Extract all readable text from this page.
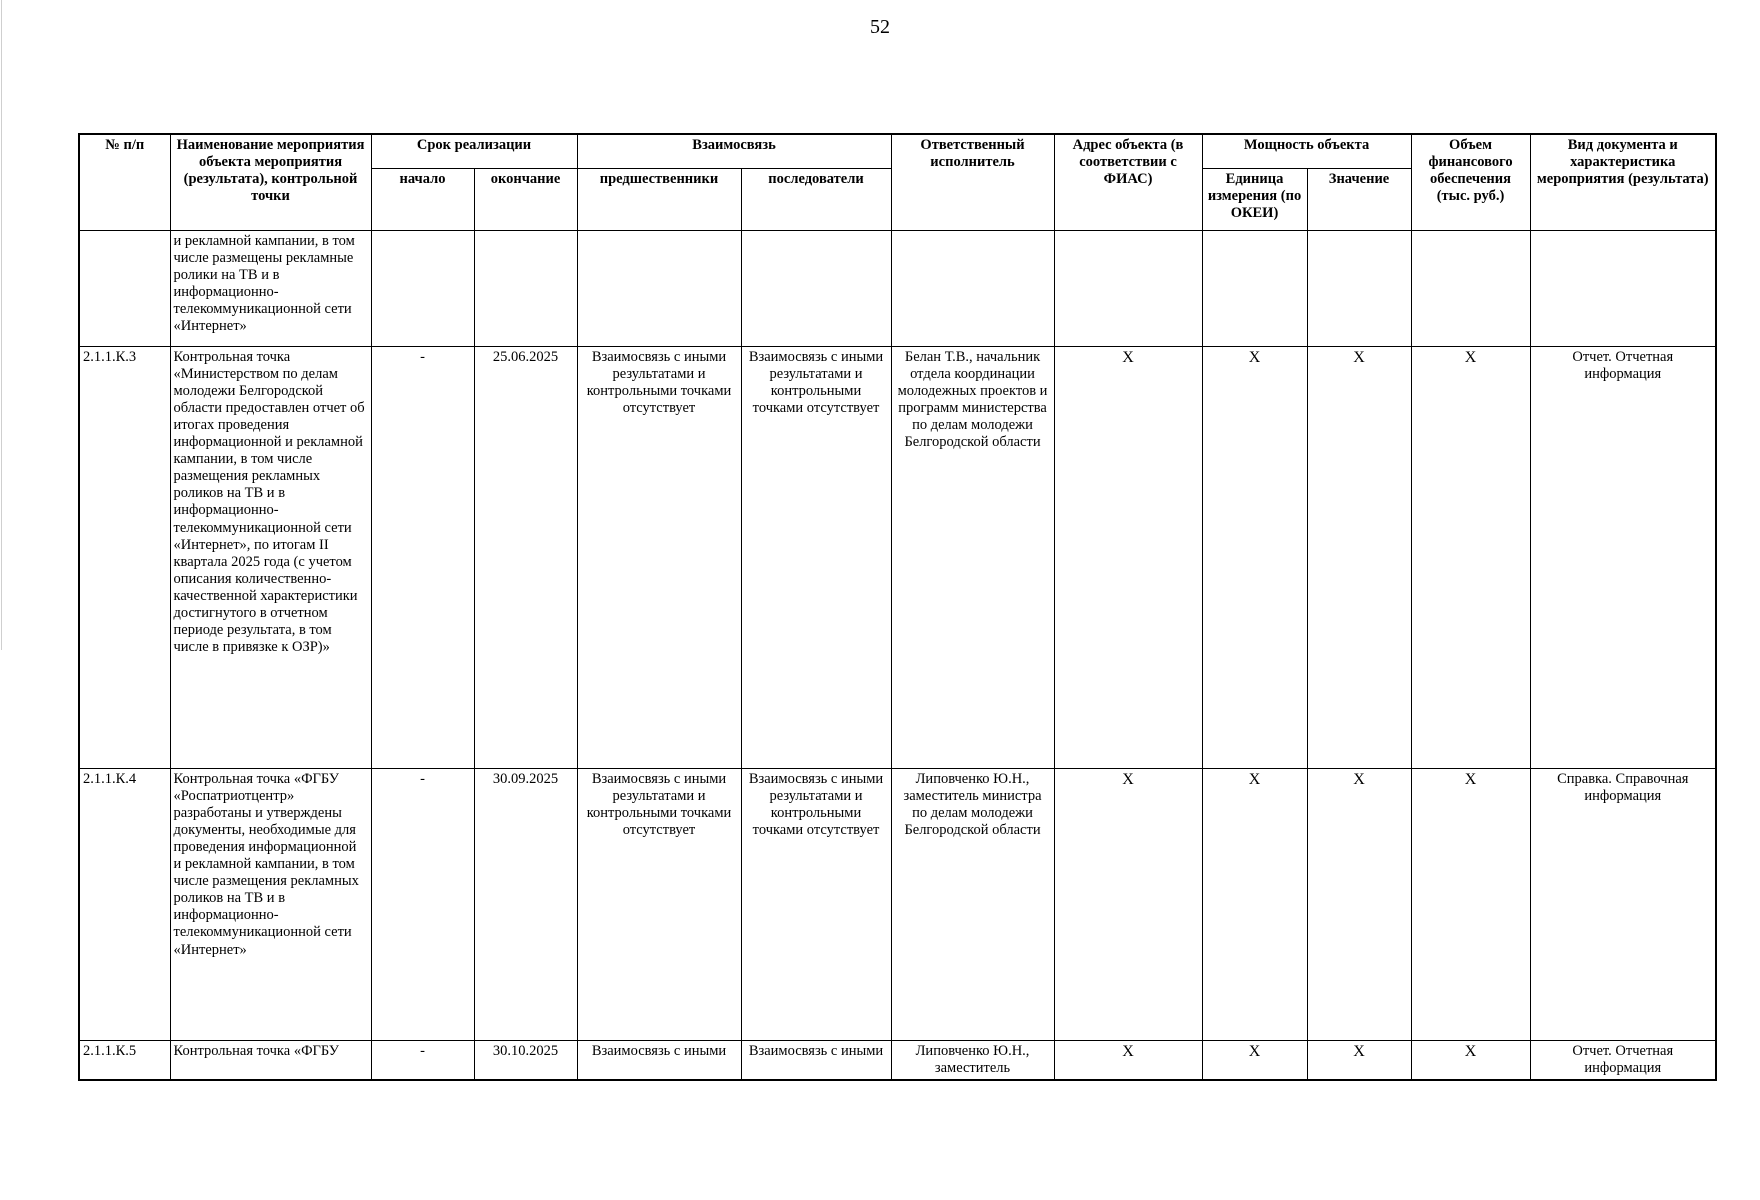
52
№ п/п	Наименование мероприятия объекта мероприятия (результата), контрольной точки	Срок реализации		Взаимосвязь		Ответственный исполнитель	Адрес объекта (в соответствии с ФИАС)	Мощность объекта		Объем финансового обеспечения (тыс. руб.)	Вид документа и характеристика мероприятия (результата)
		начало	окончание	предшественники	последователи			Единица измерения (по ОКЕИ)	Значение		
	и рекламной кампании, в том числе размещены рекламные ролики на ТВ и в информационно-телекоммуникационной сети «Интернет»										
2.1.1.К.3	Контрольная точка «Министерством по делам молодежи Белгородской области предоставлен отчет об итогах проведения информационной и рекламной кампании, в том числе размещения рекламных роликов на ТВ и в информационно-телекоммуникационной сети «Интернет», по итогам II квартала 2025 года (с учетом описания количественно-качественной характеристики достигнутого в отчетном периоде результата, в том числе в привязке к ОЗР)»	-	25.06.2025	Взаимосвязь с иными результатами и контрольными точками отсутствует	Взаимосвязь с иными результатами и контрольными точками отсутствует	Белан Т.В., начальник отдела координации молодежных проектов и программ министерства по делам молодежи Белгородской области	X	X	X	X	Отчет. Отчетная информация
2.1.1.К.4	Контрольная точка «ФГБУ «Роспатриотцентр» разработаны и утверждены документы, необходимые для проведения информационной и рекламной кампании, в том числе размещения рекламных роликов на ТВ и в информационно-телекоммуникационной сети «Интернет»	-	30.09.2025	Взаимосвязь с иными результатами и контрольными точками отсутствует	Взаимосвязь с иными результатами и контрольными точками отсутствует	Липовченко Ю.Н., заместитель министра по делам молодежи Белгородской области	X	X	X	X	Справка. Справочная информация
2.1.1.К.5	Контрольная точка «ФГБУ	-	30.10.2025	Взаимосвязь с иными	Взаимосвязь с иными	Липовченко Ю.Н., заместитель	X	X	X	X	Отчет. Отчетная информация
